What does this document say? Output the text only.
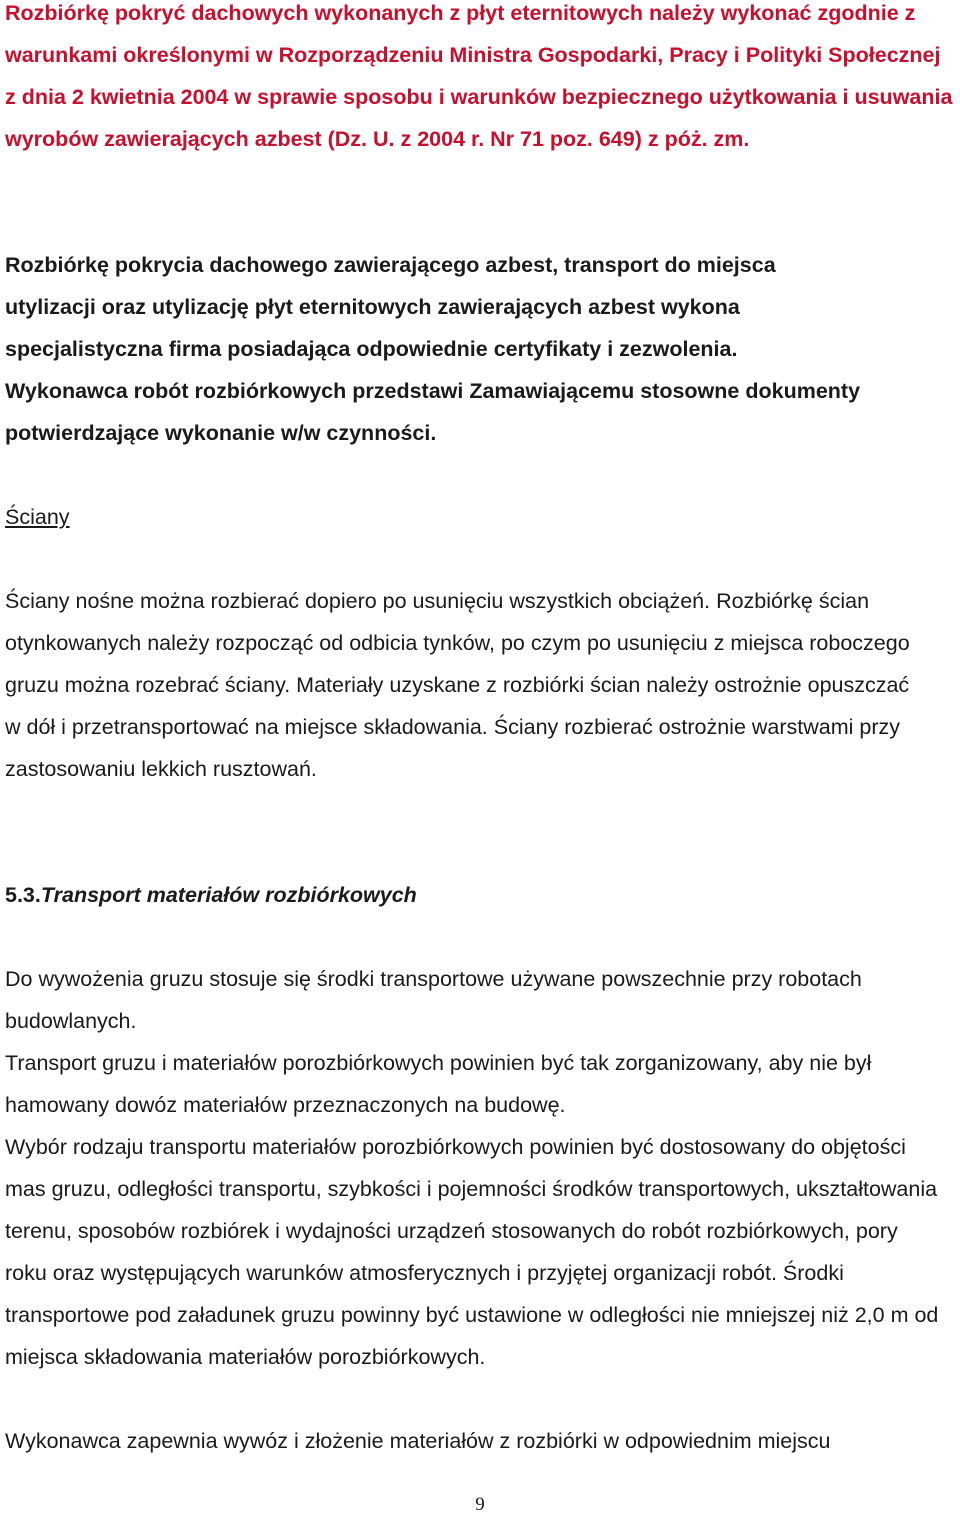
Rozbiórkę pokryć dachowych wykonanych z płyt eternitowych należy wykonać zgodnie z warunkami określonymi w Rozporządzeniu Ministra Gospodarki, Pracy i Polityki Społecznej z dnia 2 kwietnia 2004 w sprawie sposobu i warunków bezpiecznego użytkowania i usuwania wyrobów zawierających azbest (Dz. U. z 2004 r. Nr 71 poz. 649) z póż. zm.

Rozbiórkę pokrycia dachowego zawierającego azbest, transport do miejsca utylizacji oraz utylizację płyt eternitowych zawierających azbest wykona specjalistyczna firma posiadająca odpowiednie certyfikaty i zezwolenia. Wykonawca robót rozbiórkowych przedstawi Zamawiającemu stosowne dokumenty potwierdzające wykonanie w/w czynności.

Ściany

Ściany nośne można rozbierać dopiero po usunięciu wszystkich obciążeń. Rozbiórkę ścian otynkowanych należy rozpocząć od odbicia tynków, po czym po usunięciu z miejsca roboczego gruzu można rozebrać ściany. Materiały uzyskane z rozbiórki ścian należy ostrożnie opuszczać w dół i przetransportować na miejsce składowania. Ściany rozbierać ostrożnie warstwami przy zastosowaniu lekkich rusztowań.

5.3.Transport materiałów rozbiórkowych

Do wywożenia gruzu stosuje się środki transportowe używane powszechnie przy robotach budowlanych.

Transport gruzu i materiałów porozbiórkowych powinien być tak zorganizowany, aby nie był hamowany dowóz materiałów przeznaczonych na budowę.

Wybór rodzaju transportu materiałów porozbiórkowych powinien być dostosowany do objętości mas gruzu, odległości transportu, szybkości i pojemności środków transportowych, ukształtowania terenu, sposobów rozbiórek i wydajności urządzeń stosowanych do robót rozbiórkowych, pory roku oraz występujących warunków atmosferycznych i przyjętej organizacji robót. Środki transportowe pod załadunek gruzu powinny być ustawione w odległości nie mniejszej niż 2,0 m od miejsca składowania materiałów porozbiórkowych.

Wykonawca zapewnia wywóz i złożenie materiałów z rozbiórki w odpowiednim miejscu

9
